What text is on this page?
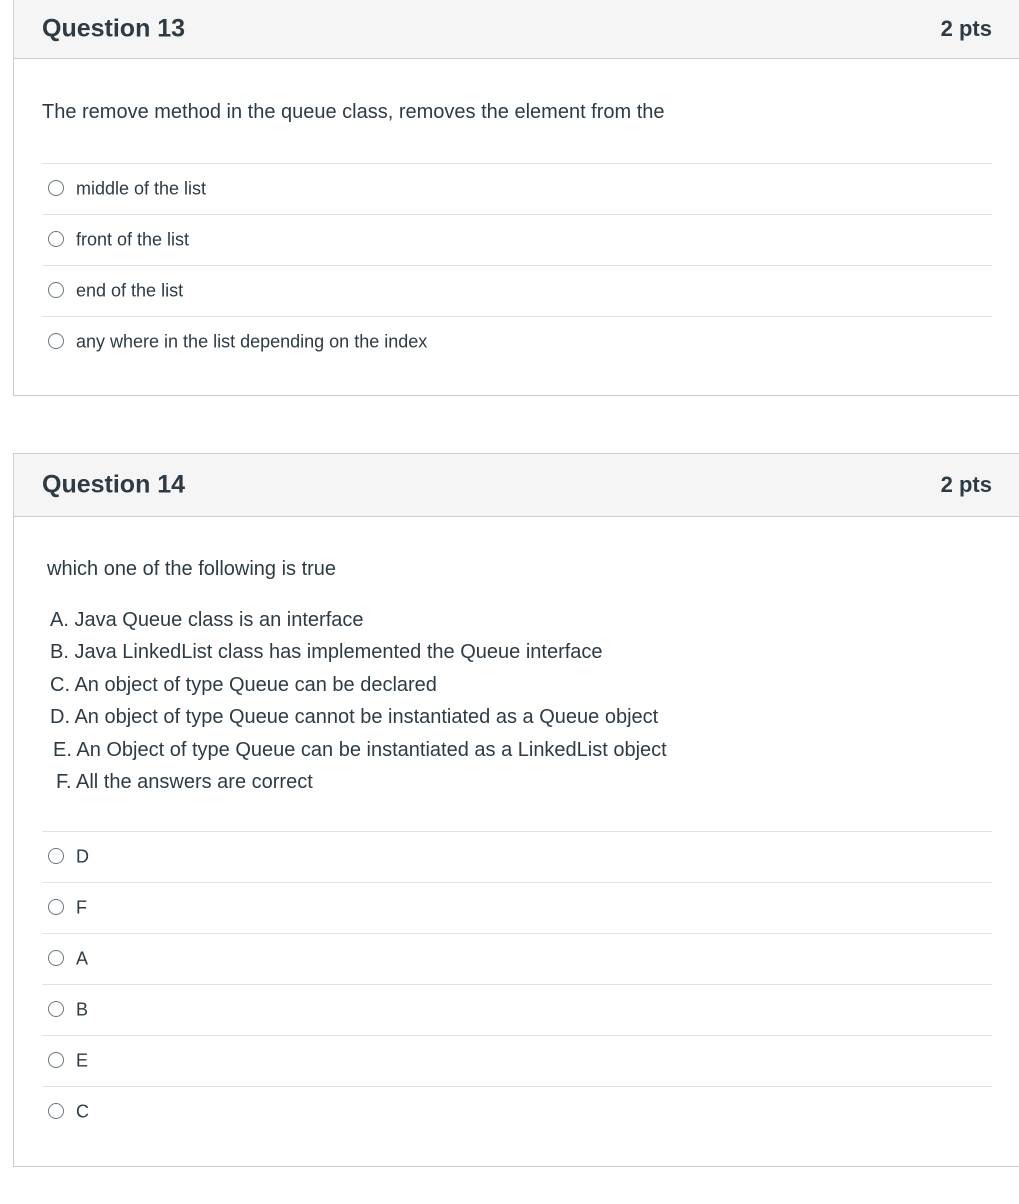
Question 13	2 pts
The remove method in the queue class, removes the element from the
middle of the list
front of the list
end of the list
any where in the list depending on the index
Question 14	2 pts
which one of the following is true
A. Java Queue class is an interface
B. Java LinkedList class has implemented the Queue interface
C. An object of type Queue can be declared
D. An object of type Queue cannot be instantiated as a Queue object
E. An Object of type Queue can be instantiated as a LinkedList object
F. All the answers are correct
D
F
A
B
E
C
